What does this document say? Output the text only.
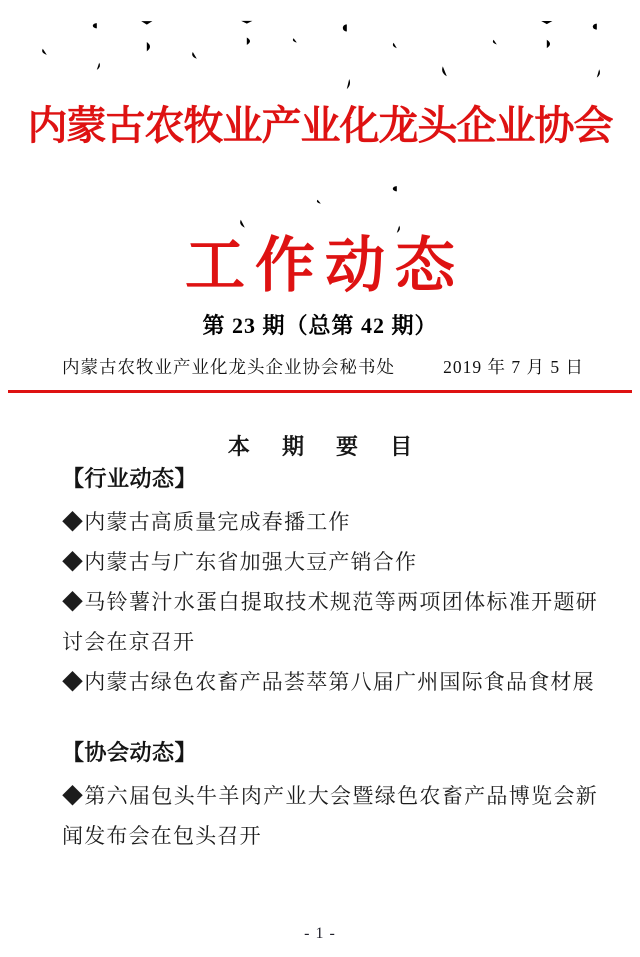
内蒙古农牧业产业化龙头企业协会
工作动态
第 23 期（总第 42 期）
内蒙古农牧业产业化龙头企业协会秘书处	2019 年 7 月 5 日
本 期 要 目
【行业动态】

◆内蒙古高质量完成春播工作

◆内蒙古与广东省加强大豆产销合作

◆马铃薯汁水蛋白提取技术规范等两项团体标准开题研讨会在京召开

◆内蒙古绿色农畜产品荟萃第八届广州国际食品食材展

【协会动态】

◆第六届包头牛羊肉产业大会暨绿色农畜产品博览会新闻发布会在包头召开

- 1 -
